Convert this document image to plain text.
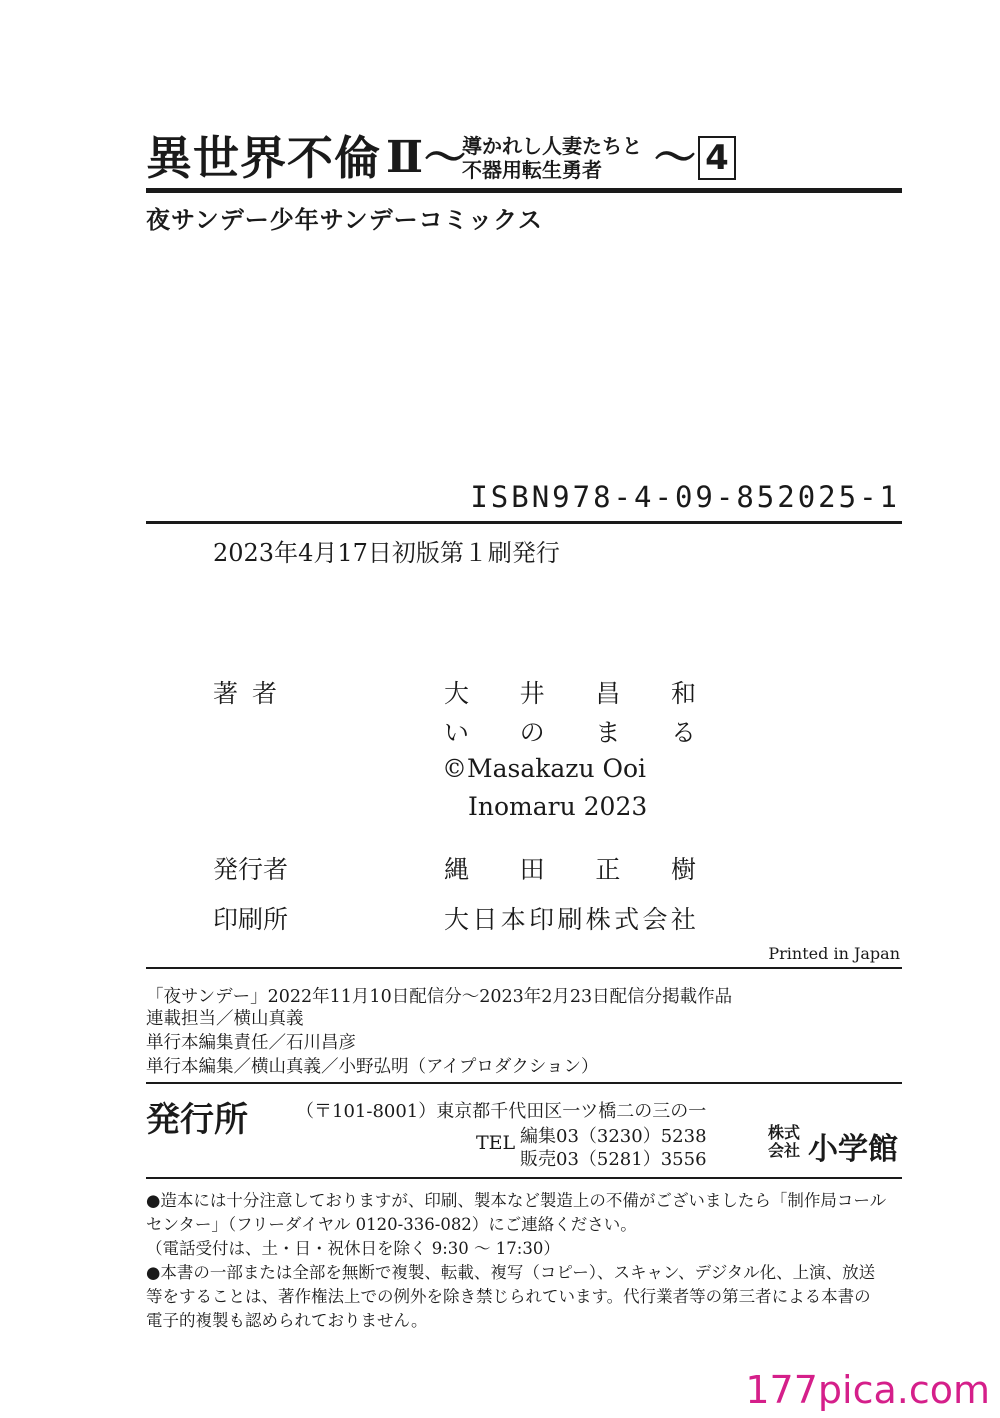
異世界不倫 Ⅱ ～
導かれし人妻たちと
不器用転生勇者 ～ 4
夜サンデー少年サンデーコミックス
ISBN978-4-09-852025-1
2023年4月17日初版第１刷発行
著者	大 井 昌 和
い の ま る
©Masakazu Ooi
Inomaru 2023
発行者	縄 田 正 樹
印刷所	大 日 本 印 刷 株 式 会 社
Printed in Japan
「夜サンデー」2022年11月10日配信分～2023年2月23日配信分掲載作品
連載担当／横山真義
単行本編集責任／石川昌彦
単行本編集／横山真義／小野弘明（アイプロダクション）
発行所	（〒101-8001）東京都千代田区一ツ橋二の三の一
TEL 編集03（3230）5238
販売03（5281）3556
株式
会社 小学館
●造本には十分注意しておりますが、印刷、製本など製造上の不備がございましたら「制作局コール
センター」（フリーダイヤル 0120-336-082）にご連絡ください。
（電話受付は、土・日・祝休日を除く 9:30 ～ 17:30）
●本書の一部または全部を無断で複製、転載、複写（コピー）、スキャン、デジタル化、上演、放送
等をすることは、著作権法上での例外を除き禁じられています。代行業者等の第三者による本書の
電子的複製も認められておりません。
177pica.com
